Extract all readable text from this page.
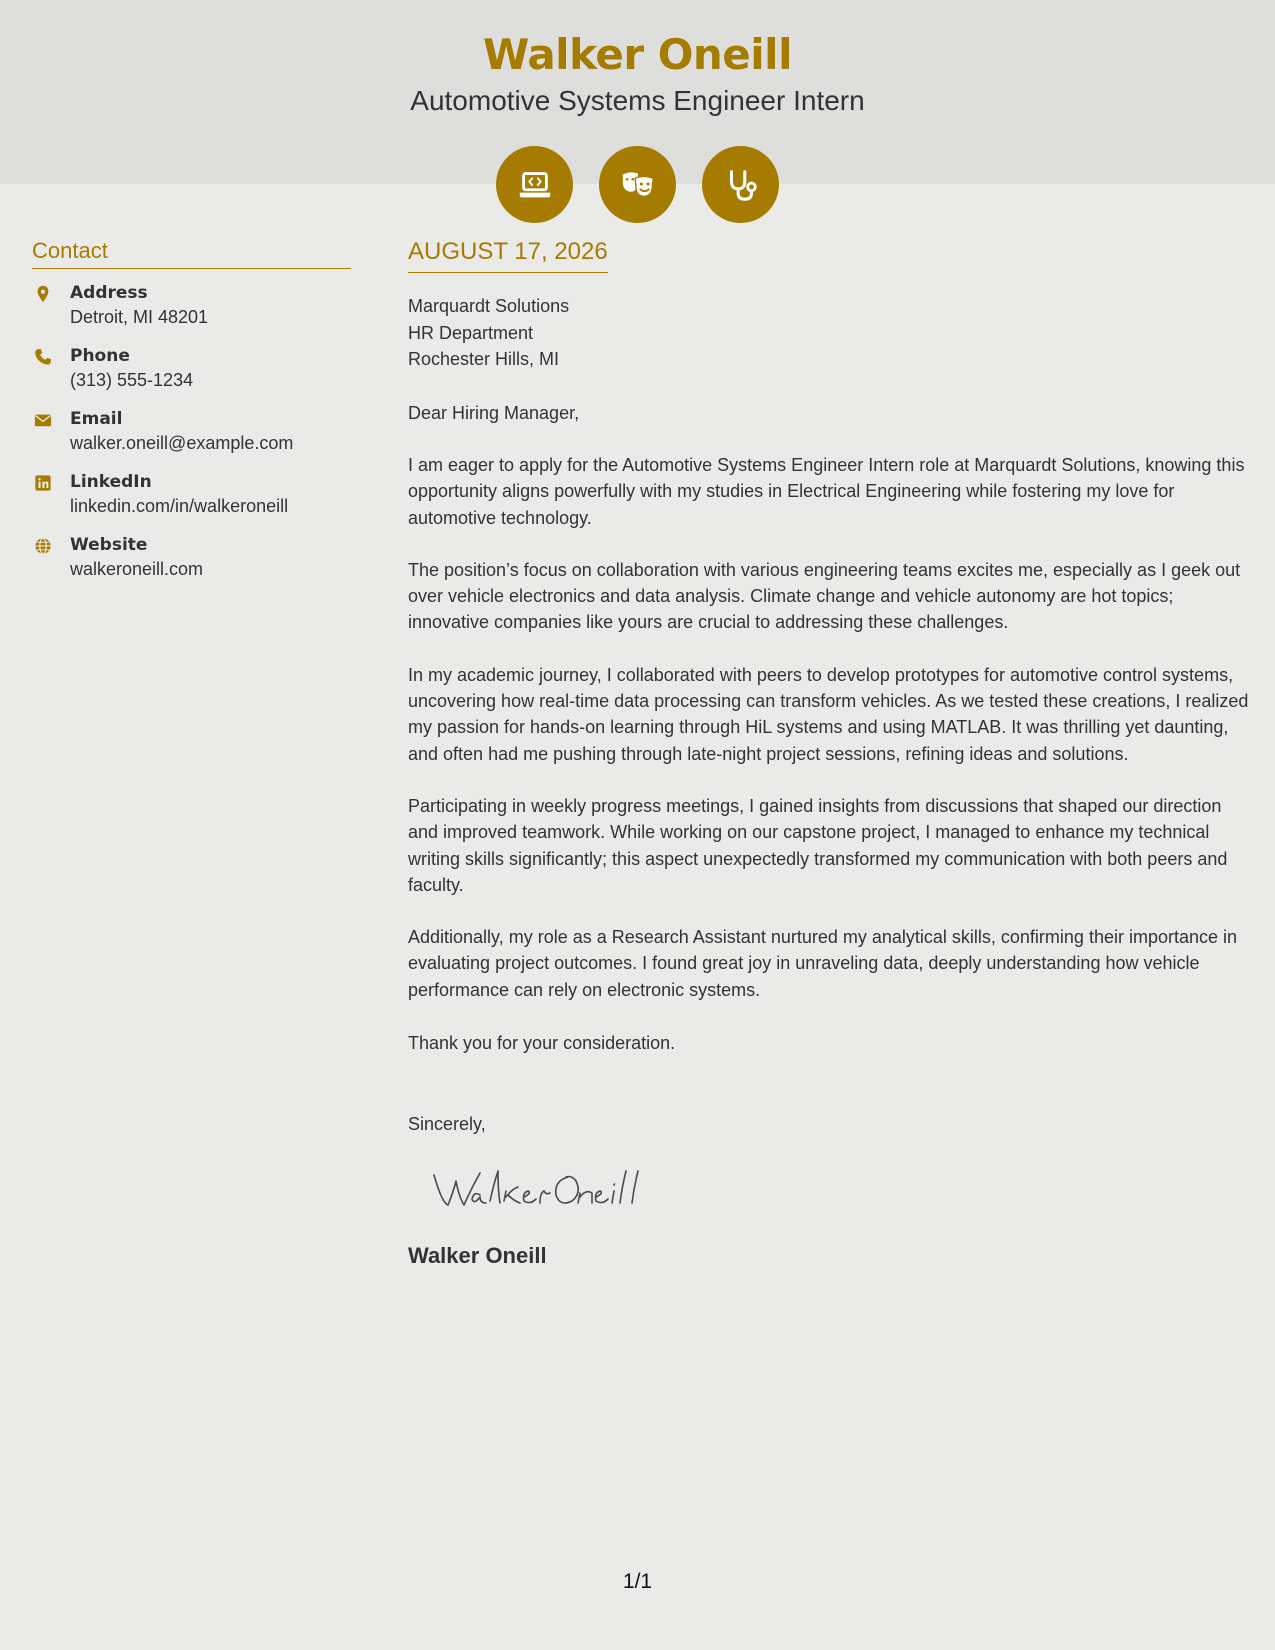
Walker Oneill
Automotive Systems Engineer Intern
Contact
Address
Detroit, MI 48201
Phone
(313) 555-1234
Email
walker.oneill@example.com
LinkedIn
linkedin.com/in/walkeroneill
Website
walkeroneill.com
AUGUST 17, 2026
Marquardt Solutions
HR Department
Rochester Hills, MI
Dear Hiring Manager,

I am eager to apply for the Automotive Systems Engineer Intern role at Marquardt Solutions, knowing this opportunity aligns powerfully with my studies in Electrical Engineering while fostering my love for automotive technology.

The position’s focus on collaboration with various engineering teams excites me, especially as I geek out over vehicle electronics and data analysis. Climate change and vehicle autonomy are hot topics; innovative companies like yours are crucial to addressing these challenges.

In my academic journey, I collaborated with peers to develop prototypes for automotive control systems, uncovering how real-time data processing can transform vehicles. As we tested these creations, I realized my passion for hands-on learning through HiL systems and using MATLAB. It was thrilling yet daunting, and often had me pushing through late-night project sessions, refining ideas and solutions.

Participating in weekly progress meetings, I gained insights from discussions that shaped our direction and improved teamwork. While working on our capstone project, I managed to enhance my technical writing skills significantly; this aspect unexpectedly transformed my communication with both peers and faculty.

Additionally, my role as a Research Assistant nurtured my analytical skills, confirming their importance in evaluating project outcomes. I found great joy in unraveling data, deeply understanding how vehicle performance can rely on electronic systems.

Thank you for your consideration.
Sincerely,
Walker Oneill
1/1
